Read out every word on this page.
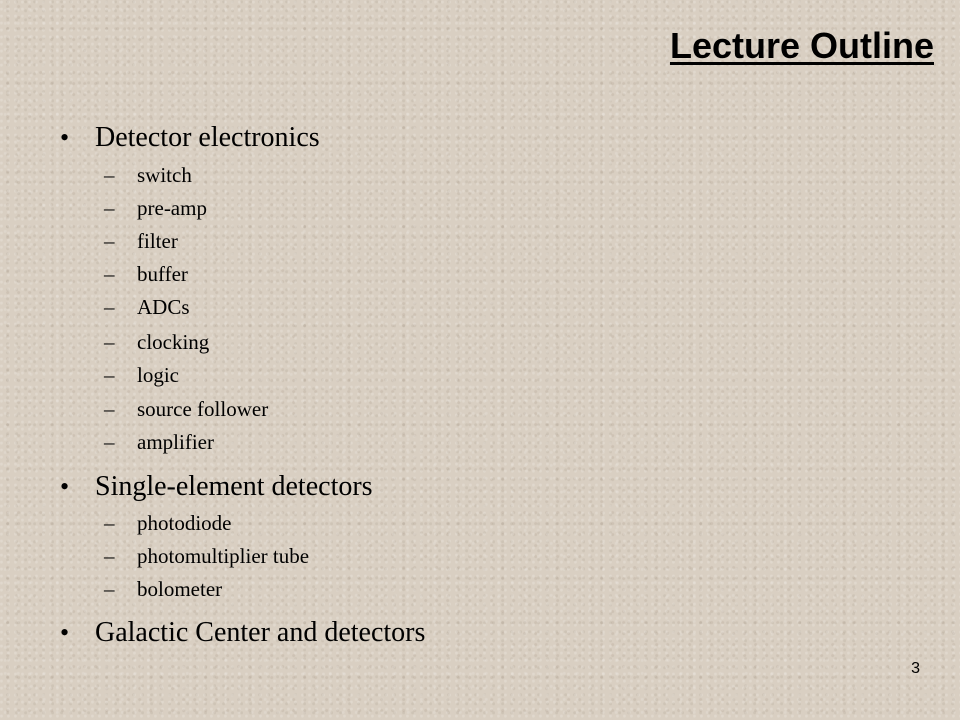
Lecture Outline
• Detector electronics
– switch
– pre-amp
– filter
– buffer
– ADCs
– clocking
– logic
– source follower
– amplifier
• Single-element detectors
– photodiode
– photomultiplier tube
– bolometer
• Galactic Center and detectors
3
